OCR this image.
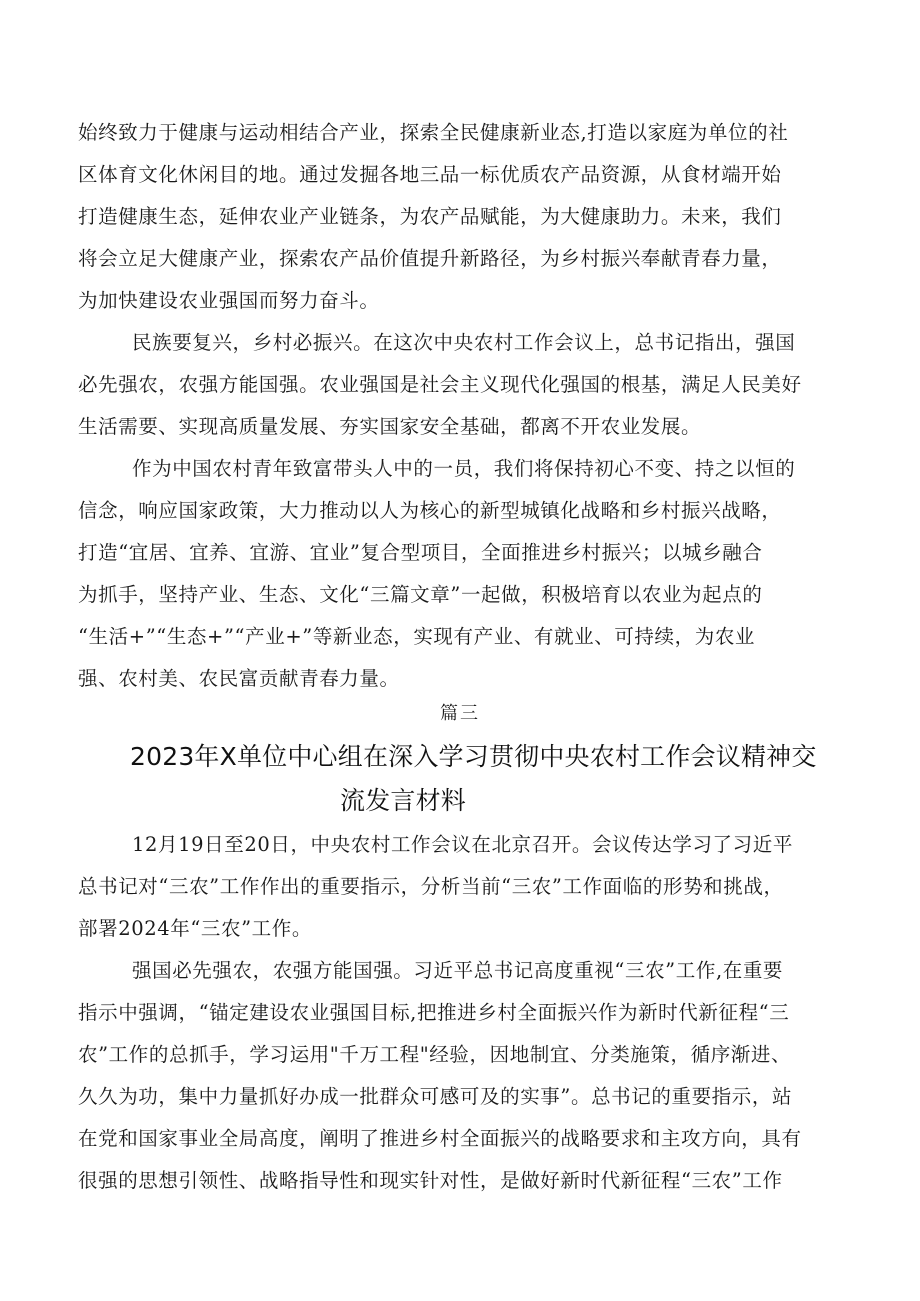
始终致力于健康与运动相结合产业，探索全民健康新业态,打造以家庭为单位的社
区体育文化休闲目的地。通过发掘各地三品一标优质农产品资源，从食材端开始
打造健康生态，延伸农业产业链条，为农产品赋能，为大健康助力。未来，我们
将会立足大健康产业，探索农产品价值提升新路径，为乡村振兴奉献青春力量，
为加快建设农业强国而努力奋斗。
民族要复兴，乡村必振兴。在这次中央农村工作会议上，总书记指出，强国
必先强农，农强方能国强。农业强国是社会主义现代化强国的根基，满足人民美好
生活需要、实现高质量发展、夯实国家安全基础，都离不开农业发展。
作为中国农村青年致富带头人中的一员，我们将保持初心不变、持之以恒的
信念，响应国家政策，大力推动以人为核心的新型城镇化战略和乡村振兴战略，
打造“宜居、宜养、宜游、宜业”复合型项目，全面推进乡村振兴；以城乡融合
为抓手，坚持产业、生态、文化“三篇文章”一起做，积极培育以农业为起点的
“生活+”“生态+”“产业+”等新业态，实现有产业、有就业、可持续，为农业
强、农村美、农民富贡献青春力量。
篇三
2023年X单位中心组在深入学习贯彻中央农村工作会议精神交
流发言材料
12月19日至20日，中央农村工作会议在北京召开。会议传达学习了习近平
总书记对“三农”工作作出的重要指示，分析当前“三农”工作面临的形势和挑战，
部署2024年“三农”工作。
强国必先强农，农强方能国强。习近平总书记高度重视“三农”工作,在重要
指示中强调，“锚定建设农业强国目标,把推进乡村全面振兴作为新时代新征程“三
农”工作的总抓手，学习运用"千万工程"经验，因地制宜、分类施策，循序渐进、
久久为功，集中力量抓好办成一批群众可感可及的实事”。总书记的重要指示，站
在党和国家事业全局高度，阐明了推进乡村全面振兴的战略要求和主攻方向，具有
很强的思想引领性、战略指导性和现实针对性，是做好新时代新征程“三农”工作
